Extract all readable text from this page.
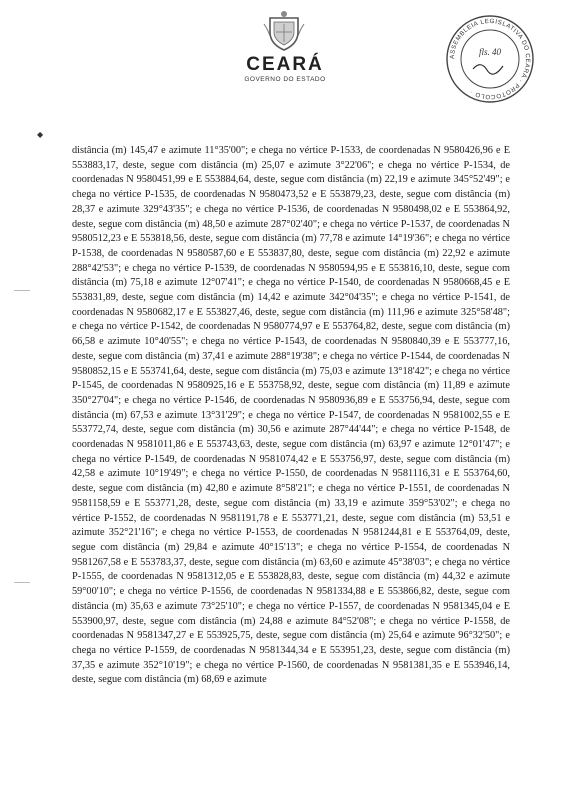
CEARÁ
GOVERNO DO ESTADO
ASSEMBLEIA LEGISLATIVA DO CEARÁ · PROTOCOLO ·
fls. 40
◆

distância (m) 145,47 e azimute 11°35'00"; e chega no vértice P-1533, de coordenadas N 9580426,96 e E 553883,17, deste, segue com distância (m) 25,07 e azimute 3°22'06"; e chega no vértice P-1534, de coordenadas N 9580451,99 e E 553884,64, deste, segue com distância (m) 22,19 e azimute 345°52'49"; e chega no vértice P-1535, de coordenadas N 9580473,52 e E 553879,23, deste, segue com distância (m) 28,37 e azimute 329°43'35"; e chega no vértice P-1536, de coordenadas N 9580498,02 e E 553864,92, deste, segue com distância (m) 48,50 e azimute 287°02'40"; e chega no vértice P-1537, de coordenadas N 9580512,23 e E 553818,56, deste, segue com distância (m) 77,78 e azimute 14°19'36"; e chega no vértice P-1538, de coordenadas N 9580587,60 e E 553837,80, deste, segue com distância (m) 22,92 e azimute 288°42'53"; e chega no vértice P-1539, de coordenadas N 9580594,95 e E 553816,10, deste, segue com distância (m) 75,18 e azimute 12°07'41"; e chega no vértice P-1540, de coordenadas N 9580668,45 e E 553831,89, deste, segue com distância (m) 14,42 e azimute 342°04'35"; e chega no vértice P-1541, de coordenadas N 9580682,17 e E 553827,46, deste, segue com distância (m) 111,96 e azimute 325°58'48"; e chega no vértice P-1542, de coordenadas N 9580774,97 e E 553764,82, deste, segue com distância (m) 66,58 e azimute 10°40'55"; e chega no vértice P-1543, de coordenadas N 9580840,39 e E 553777,16, deste, segue com distância (m) 37,41 e azimute 288°19'38"; e chega no vértice P-1544, de coordenadas N 9580852,15 e E 553741,64, deste, segue com distância (m) 75,03 e azimute 13°18'42"; e chega no vértice P-1545, de coordenadas N 9580925,16 e E 553758,92, deste, segue com distância (m) 11,89 e azimute 350°27'04"; e chega no vértice P-1546, de coordenadas N 9580936,89 e E 553756,94, deste, segue com distância (m) 67,53 e azimute 13°31'29"; e chega no vértice P-1547, de coordenadas N 9581002,55 e E 553772,74, deste, segue com distância (m) 30,56 e azimute 287°44'44"; e chega no vértice P-1548, de coordenadas N 9581011,86 e E 553743,63, deste, segue com distância (m) 63,97 e azimute 12°01'47"; e chega no vértice P-1549, de coordenadas N 9581074,42 e E 553756,97, deste, segue com distância (m) 42,58 e azimute 10°19'49"; e chega no vértice P-1550, de coordenadas N 9581116,31 e E 553764,60, deste, segue com distância (m) 42,80 e azimute 8°58'21"; e chega no vértice P-1551, de coordenadas N 9581158,59 e E 553771,28, deste, segue com distância (m) 33,19 e azimute 359°53'02"; e chega no vértice P-1552, de coordenadas N 9581191,78 e E 553771,21, deste, segue com distância (m) 53,51 e azimute 352°21'16"; e chega no vértice P-1553, de coordenadas N 9581244,81 e E 553764,09, deste, segue com distância (m) 29,84 e azimute 40°15'13"; e chega no vértice P-1554, de coordenadas N 9581267,58 e E 553783,37, deste, segue com distância (m) 63,60 e azimute 45°38'03"; e chega no vértice P-1555, de coordenadas N 9581312,05 e E 553828,83, deste, segue com distância (m) 44,32 e azimute 59°00'10"; e chega no vértice P-1556, de coordenadas N 9581334,88 e E 553866,82, deste, segue com distância (m) 35,63 e azimute 73°25'10"; e chega no vértice P-1557, de coordenadas N 9581345,04 e E 553900,97, deste, segue com distância (m) 24,88 e azimute 84°52'08"; e chega no vértice P-1558, de coordenadas N 9581347,27 e E 553925,75, deste, segue com distância (m) 25,64 e azimute 96°32'50"; e chega no vértice P-1559, de coordenadas N 9581344,34 e E 553951,23, deste, segue com distância (m) 37,35 e azimute 352°10'19"; e chega no vértice P-1560, de coordenadas N 9581381,35 e E 553946,14, deste, segue com distância (m) 68,69 e azimute
